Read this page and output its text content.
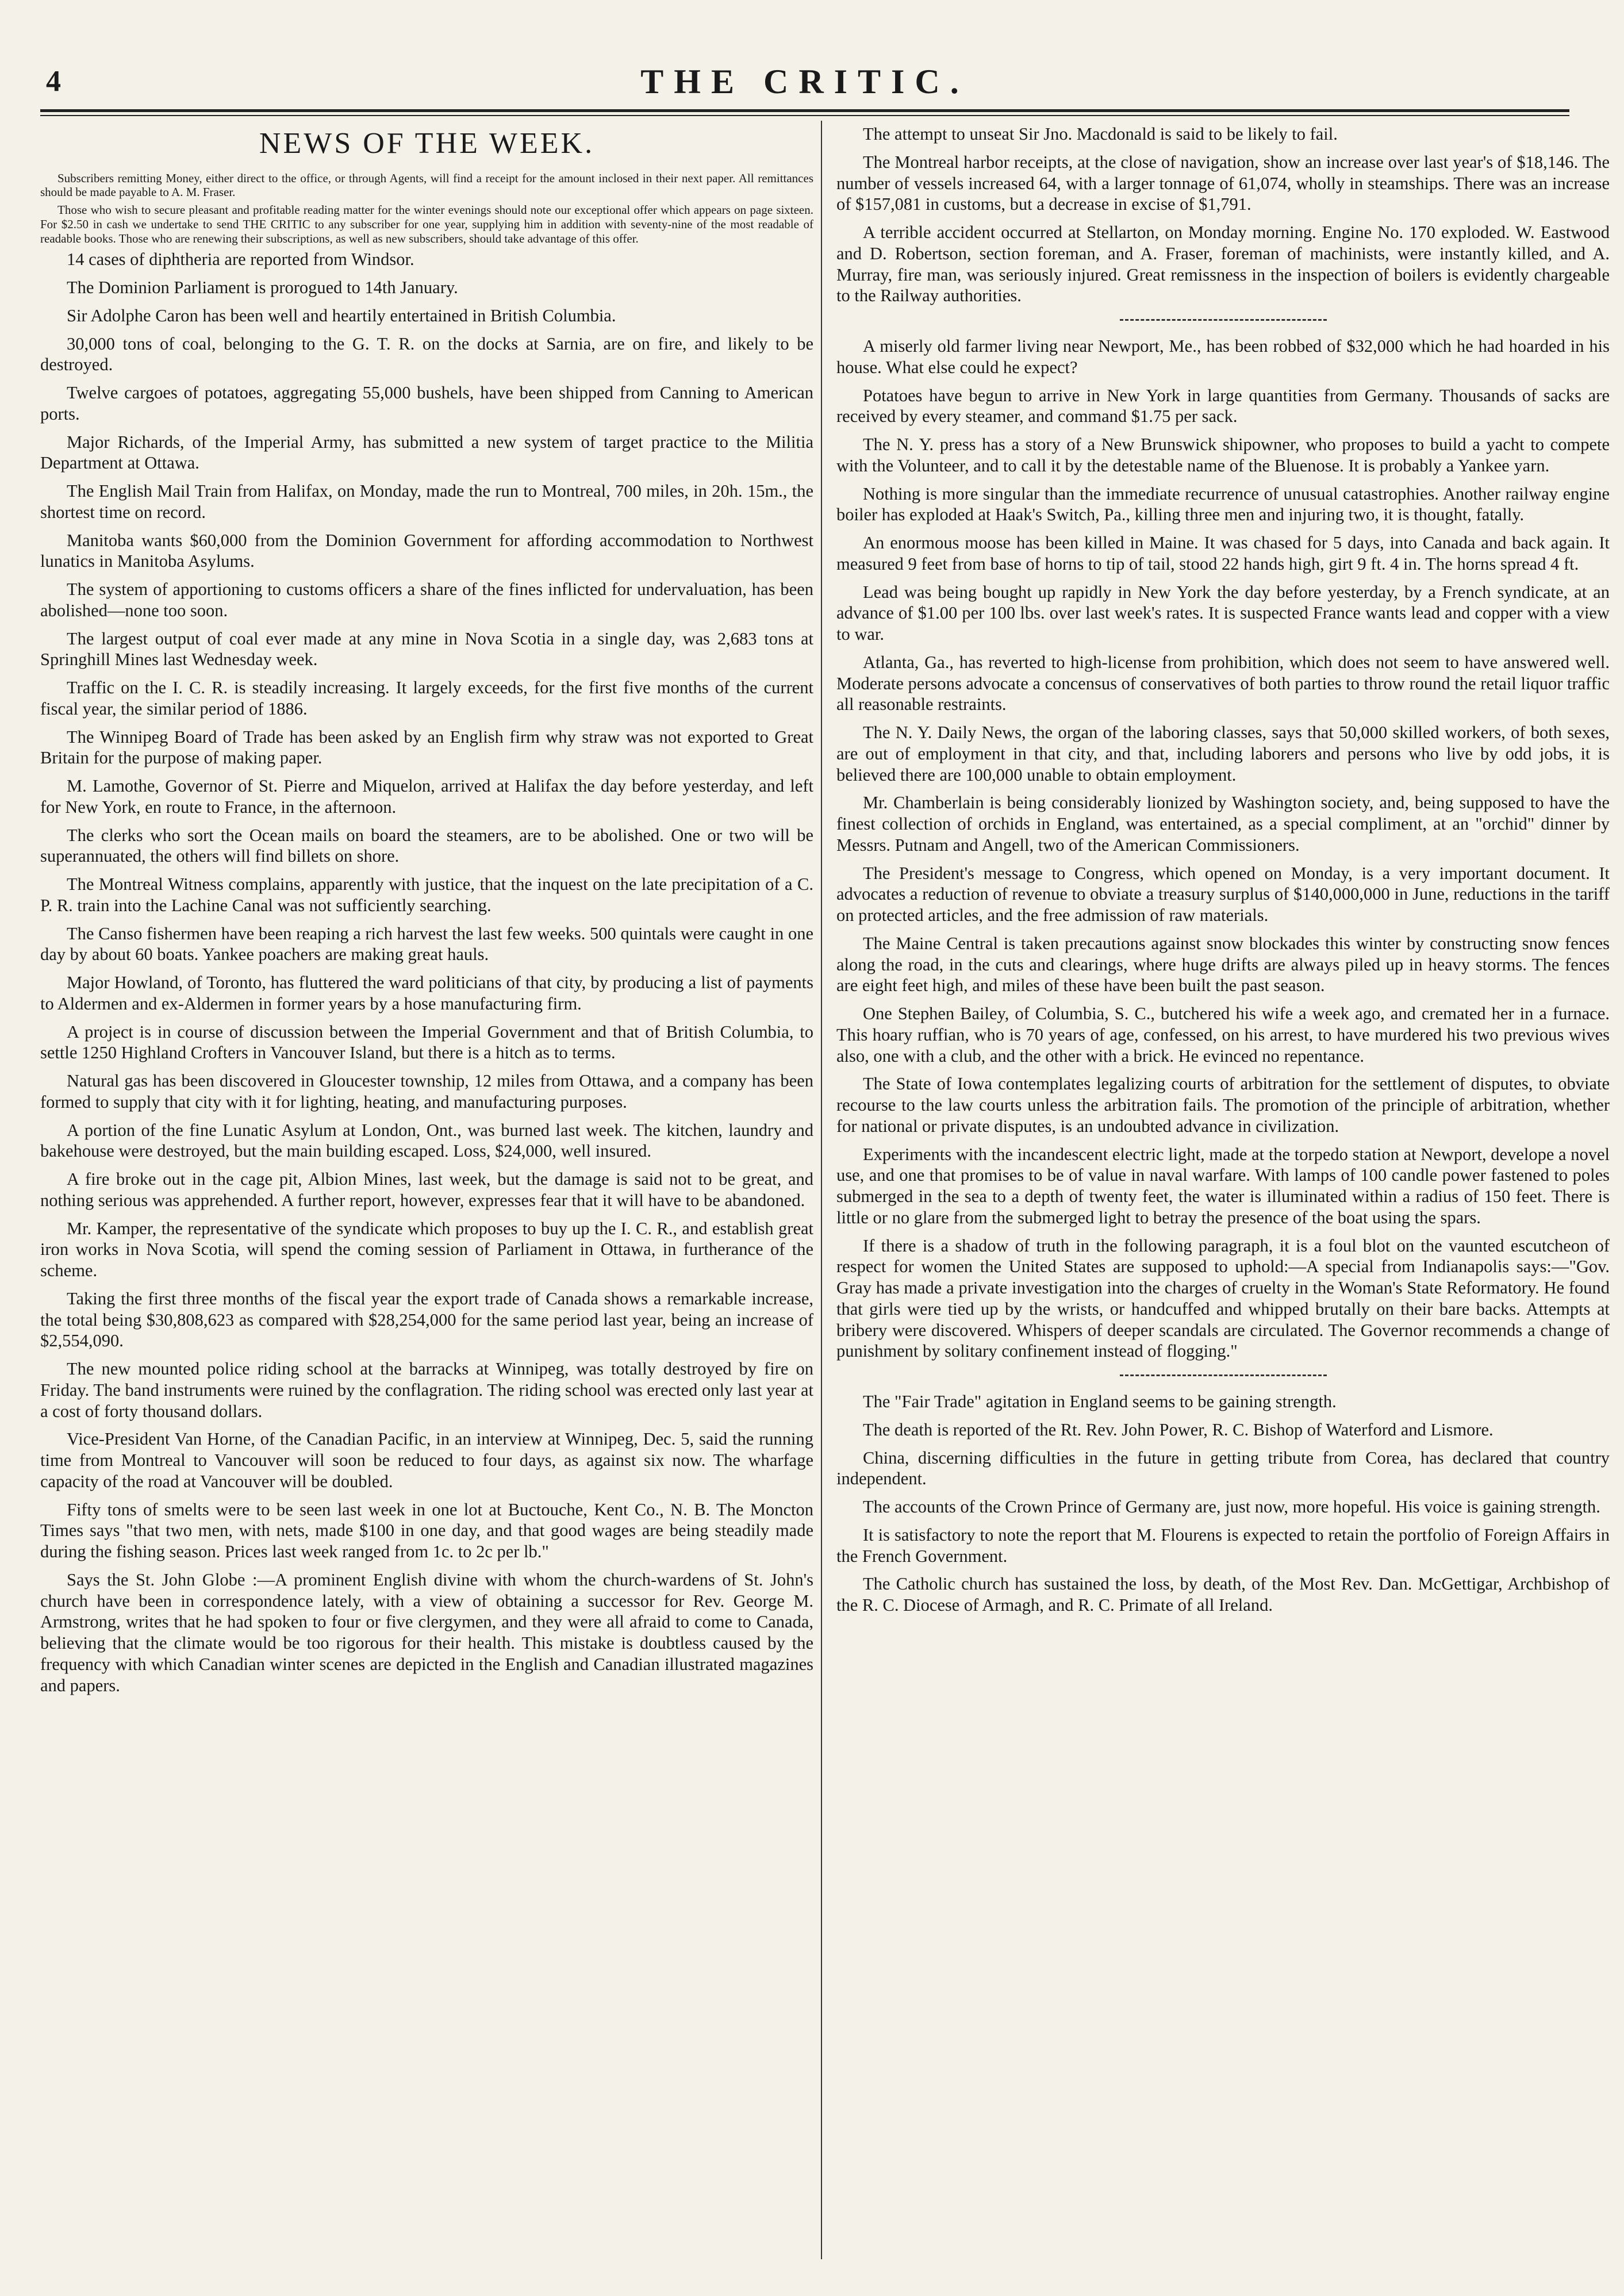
4	THE CRITIC.
NEWS OF THE WEEK.

Subscribers remitting Money, either direct to the office, or through Agents, will find a receipt for the amount inclosed in their next paper. All remittances should be made payable to A. M. Fraser.

Those who wish to secure pleasant and profitable reading matter for the winter evenings should note our exceptional offer which appears on page sixteen. For $2.50 in cash we undertake to send THE CRITIC to any subscriber for one year, supplying him in addition with seventy-nine of the most readable of readable books. Those who are renewing their subscriptions, as well as new subscribers, should take advantage of this offer.

14 cases of diphtheria are reported from Windsor.

The Dominion Parliament is prorogued to 14th January.

Sir Adolphe Caron has been well and heartily entertained in British Columbia.

30,000 tons of coal, belonging to the G. T. R. on the docks at Sarnia, are on fire, and likely to be destroyed.

Twelve cargoes of potatoes, aggregating 55,000 bushels, have been shipped from Canning to American ports.

Major Richards, of the Imperial Army, has submitted a new system of target practice to the Militia Department at Ottawa.

The English Mail Train from Halifax, on Monday, made the run to Montreal, 700 miles, in 20h. 15m., the shortest time on record.

Manitoba wants $60,000 from the Dominion Government for affording accommodation to Northwest lunatics in Manitoba Asylums.

The system of apportioning to customs officers a share of the fines inflicted for undervaluation, has been abolished—none too soon.

The largest output of coal ever made at any mine in Nova Scotia in a single day, was 2,683 tons at Springhill Mines last Wednesday week.

Traffic on the I. C. R. is steadily increasing. It largely exceeds, for the first five months of the current fiscal year, the similar period of 1886.

The Winnipeg Board of Trade has been asked by an English firm why straw was not exported to Great Britain for the purpose of making paper.

M. Lamothe, Governor of St. Pierre and Miquelon, arrived at Halifax the day before yesterday, and left for New York, en route to France, in the afternoon.

The clerks who sort the Ocean mails on board the steamers, are to be abolished. One or two will be superannuated, the others will find billets on shore.

The Montreal Witness complains, apparently with justice, that the inquest on the late precipitation of a C. P. R. train into the Lachine Canal was not sufficiently searching.

The Canso fishermen have been reaping a rich harvest the last few weeks. 500 quintals were caught in one day by about 60 boats. Yankee poachers are making great hauls.

Major Howland, of Toronto, has fluttered the ward politicians of that city, by producing a list of payments to Aldermen and ex-Aldermen in former years by a hose manufacturing firm.

A project is in course of discussion between the Imperial Government and that of British Columbia, to settle 1250 Highland Crofters in Vancouver Island, but there is a hitch as to terms.

Natural gas has been discovered in Gloucester township, 12 miles from Ottawa, and a company has been formed to supply that city with it for lighting, heating, and manufacturing purposes.

A portion of the fine Lunatic Asylum at London, Ont., was burned last week. The kitchen, laundry and bakehouse were destroyed, but the main building escaped. Loss, $24,000, well insured.

A fire broke out in the cage pit, Albion Mines, last week, but the damage is said not to be great, and nothing serious was apprehended. A further report, however, expresses fear that it will have to be abandoned.

Mr. Kamper, the representative of the syndicate which proposes to buy up the I. C. R., and establish great iron works in Nova Scotia, will spend the coming session of Parliament in Ottawa, in furtherance of the scheme.

Taking the first three months of the fiscal year the export trade of Canada shows a remarkable increase, the total being $30,808,623 as compared with $28,254,000 for the same period last year, being an increase of $2,554,090.

The new mounted police riding school at the barracks at Winnipeg, was totally destroyed by fire on Friday. The band instruments were ruined by the conflagration. The riding school was erected only last year at a cost of forty thousand dollars.

Vice-President Van Horne, of the Canadian Pacific, in an interview at Winnipeg, Dec. 5, said the running time from Montreal to Vancouver will soon be reduced to four days, as against six now. The wharfage capacity of the road at Vancouver will be doubled.

Fifty tons of smelts were to be seen last week in one lot at Buctouche, Kent Co., N. B. The Moncton Times says "that two men, with nets, made $100 in one day, and that good wages are being steadily made during the fishing season. Prices last week ranged from 1c. to 2c per lb."

Says the St. John Globe :—A prominent English divine with whom the church-wardens of St. John's church have been in correspondence lately, with a view of obtaining a successor for Rev. George M. Armstrong, writes that he had spoken to four or five clergymen, and they were all afraid to come to Canada, believing that the climate would be too rigorous for their health. This mistake is doubtless caused by the frequency with which Canadian winter scenes are depicted in the English and Canadian illustrated magazines and papers.

The attempt to unseat Sir Jno. Macdonald is said to be likely to fail.

The Montreal harbor receipts, at the close of navigation, show an increase over last year's of $18,146. The number of vessels increased 64, with a larger tonnage of 61,074, wholly in steamships. There was an increase of $157,081 in customs, but a decrease in excise of $1,791.

A terrible accident occurred at Stellarton, on Monday morning. Engine No. 170 exploded. W. Eastwood and D. Robertson, section foreman, and A. Fraser, foreman of machinists, were instantly killed, and A. Murray, fire man, was seriously injured. Great remissness in the inspection of boilers is evidently chargeable to the Railway authorities.

A miserly old farmer living near Newport, Me., has been robbed of $32,000 which he had hoarded in his house. What else could he expect?

Potatoes have begun to arrive in New York in large quantities from Germany. Thousands of sacks are received by every steamer, and command $1.75 per sack.

The N. Y. press has a story of a New Brunswick shipowner, who proposes to build a yacht to compete with the Volunteer, and to call it by the detestable name of the Bluenose. It is probably a Yankee yarn.

Nothing is more singular than the immediate recurrence of unusual catastrophies. Another railway engine boiler has exploded at Haak's Switch, Pa., killing three men and injuring two, it is thought, fatally.

An enormous moose has been killed in Maine. It was chased for 5 days, into Canada and back again. It measured 9 feet from base of horns to tip of tail, stood 22 hands high, girt 9 ft. 4 in. The horns spread 4 ft.

Lead was being bought up rapidly in New York the day before yesterday, by a French syndicate, at an advance of $1.00 per 100 lbs. over last week's rates. It is suspected France wants lead and copper with a view to war.

Atlanta, Ga., has reverted to high-license from prohibition, which does not seem to have answered well. Moderate persons advocate a concensus of conservatives of both parties to throw round the retail liquor traffic all reasonable restraints.

The N. Y. Daily News, the organ of the laboring classes, says that 50,000 skilled workers, of both sexes, are out of employment in that city, and that, including laborers and persons who live by odd jobs, it is believed there are 100,000 unable to obtain employment.

Mr. Chamberlain is being considerably lionized by Washington society, and, being supposed to have the finest collection of orchids in England, was entertained, as a special compliment, at an "orchid" dinner by Messrs. Putnam and Angell, two of the American Commissioners.

The President's message to Congress, which opened on Monday, is a very important document. It advocates a reduction of revenue to obviate a treasury surplus of $140,000,000 in June, reductions in the tariff on protected articles, and the free admission of raw materials.

The Maine Central is taken precautions against snow blockades this winter by constructing snow fences along the road, in the cuts and clearings, where huge drifts are always piled up in heavy storms. The fences are eight feet high, and miles of these have been built the past season.

One Stephen Bailey, of Columbia, S. C., butchered his wife a week ago, and cremated her in a furnace. This hoary ruffian, who is 70 years of age, confessed, on his arrest, to have murdered his two previous wives also, one with a club, and the other with a brick. He evinced no repentance.

The State of Iowa contemplates legalizing courts of arbitration for the settlement of disputes, to obviate recourse to the law courts unless the arbitration fails. The promotion of the principle of arbitration, whether for national or private disputes, is an undoubted advance in civilization.

Experiments with the incandescent electric light, made at the torpedo station at Newport, develope a novel use, and one that promises to be of value in naval warfare. With lamps of 100 candle power fastened to poles submerged in the sea to a depth of twenty feet, the water is illuminated within a radius of 150 feet. There is little or no glare from the submerged light to betray the presence of the boat using the spars.

If there is a shadow of truth in the following paragraph, it is a foul blot on the vaunted escutcheon of respect for women the United States are supposed to uphold:—A special from Indianapolis says:—"Gov. Gray has made a private investigation into the charges of cruelty in the Woman's State Reformatory. He found that girls were tied up by the wrists, or handcuffed and whipped brutally on their bare backs. Attempts at bribery were discovered. Whispers of deeper scandals are circulated. The Governor recommends a change of punishment by solitary confinement instead of flogging."

The "Fair Trade" agitation in England seems to be gaining strength.

The death is reported of the Rt. Rev. John Power, R. C. Bishop of Waterford and Lismore.

China, discerning difficulties in the future in getting tribute from Corea, has declared that country independent.

The accounts of the Crown Prince of Germany are, just now, more hopeful. His voice is gaining strength.

It is satisfactory to note the report that M. Flourens is expected to retain the portfolio of Foreign Affairs in the French Government.

The Catholic church has sustained the loss, by death, of the Most Rev. Dan. McGettigar, Archbishop of the R. C. Diocese of Armagh, and R. C. Primate of all Ireland.
